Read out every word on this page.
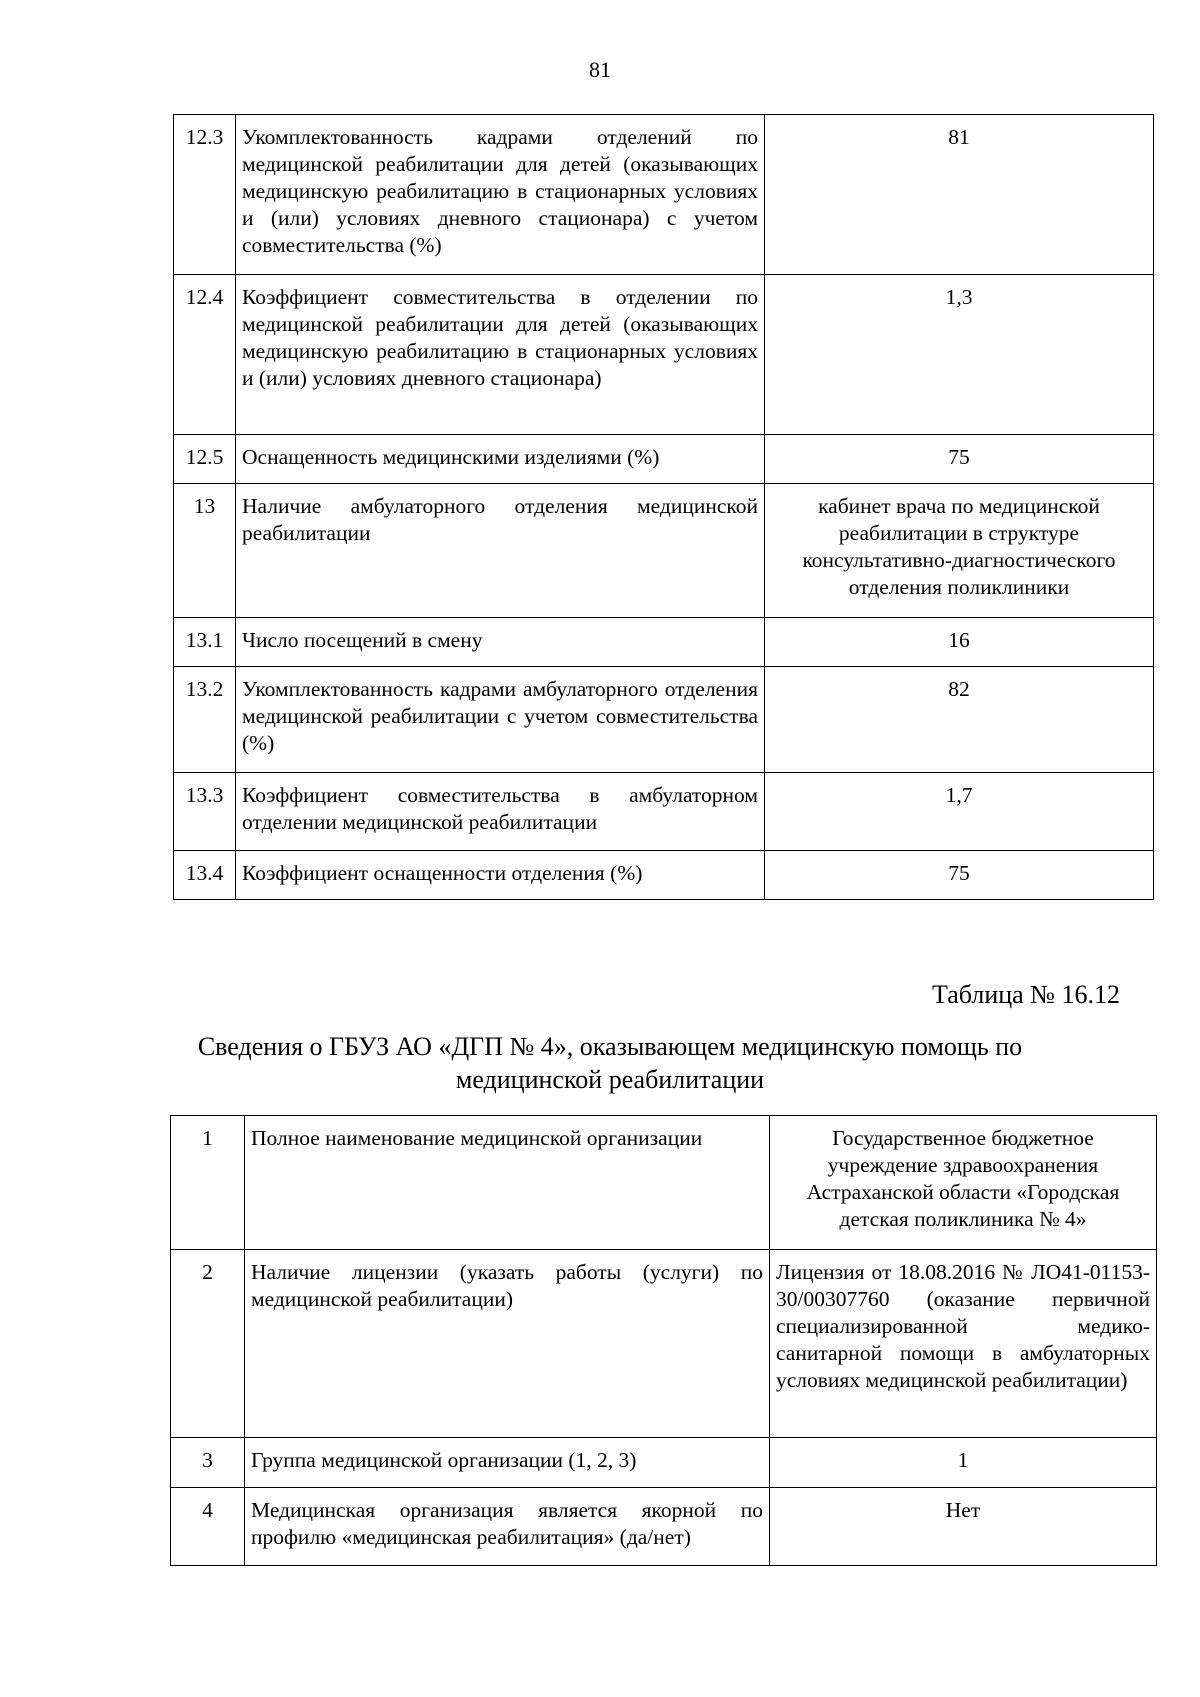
81
12.3	Укомплектованность кадрами отделений по медицинской реабилитации для детей (оказывающих медицинскую реабилитацию в стационарных условиях и (или) условиях дневного стационара) с учетом совместительства (%)	81
12.4	Коэффициент совместительства в отделении по медицинской реабилитации для детей (оказывающих медицинскую реабилитацию в стационарных условиях и (или) условиях дневного стационара)	1,3
12.5	Оснащенность медицинскими изделиями (%)	75
13	Наличие амбулаторного отделения медицинской реабилитации	кабинет врача по медицинской реабилитации в структуре консультативно-диагностического отделения поликлиники
13.1	Число посещений в смену	16
13.2	Укомплектованность кадрами амбулаторного отделения медицинской реабилитации с учетом совместительства (%)	82
13.3	Коэффициент совместительства в амбулаторном отделении медицинской реабилитации	1,7
13.4	Коэффициент оснащенности отделения (%)	75
Таблица № 16.12
Сведения о ГБУЗ АО «ДГП № 4», оказывающем медицинскую помощь по медицинской реабилитации
1	Полное наименование медицинской организации	Государственное бюджетное учреждение здравоохранения Астраханской области «Городская детская поликлиника № 4»
2	Наличие лицензии (указать работы (услуги) по медицинской реабилитации)	Лицензия от 18.08.2016 № ЛО41-01153-30/00307760 (оказание первичной специализированной медико-санитарной помощи в амбулаторных условиях медицинской реабилитации)
3	Группа медицинской организации (1, 2, 3)	1
4	Медицинская организация является якорной по профилю «медицинская реабилитация» (да/нет)	Нет
